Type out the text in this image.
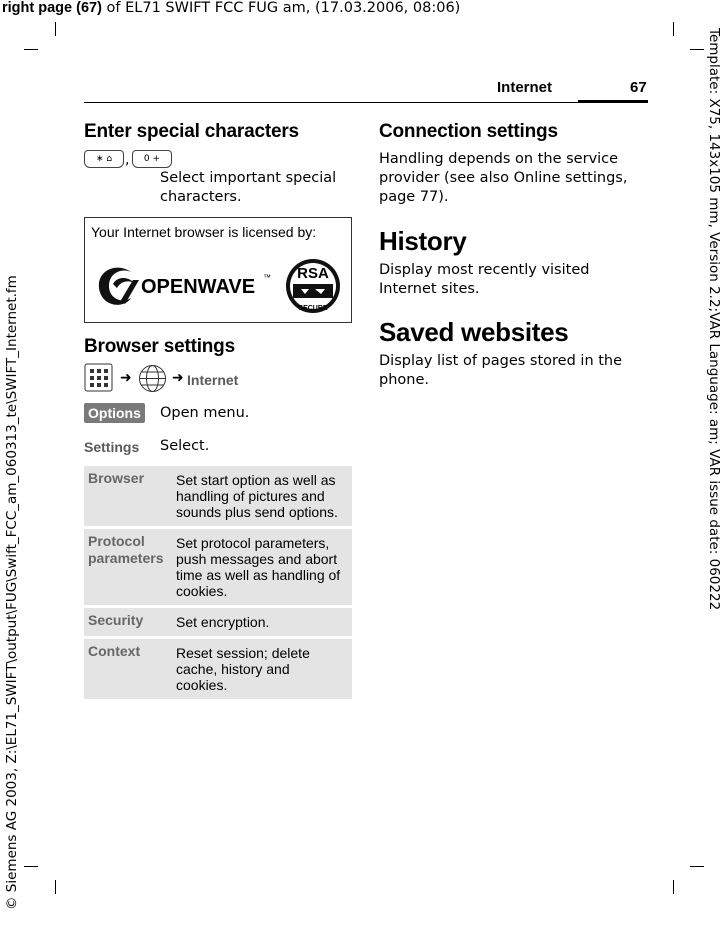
right page (67) of EL71 SWIFT FCC FUG am, (17.03.2006, 08:06)
© Siemens AG 2003, Z:\EL71_SWIFT\output\FUG\Swift_FCC_am_060313_te\SWIFT_Internet.fm	Template: X75, 143x105 mm, Version 2.2;VAR Language: am; VAR issue date: 060222
Internet	67
Enter special characters
∗ ⌂ ,	0 +
Select important special characters.
Your Internet browser is licensed by:
OPENWAVE ™ RSA
SECURE
Browser settings
➜	➜ Internet
Options Open menu.
Settings Select.
Browser	Set start option as well as handling of pictures and sounds plus send options.
Protocol parameters	Set protocol parameters, push messages and abort time as well as handling of cookies.
Security	Set encryption.
Context	Reset session; delete cache, history and cookies.
Connection settings
Handling depends on the service provider (see also Online settings, page 77).
History
Display most recently visited Internet sites.
Saved websites
Display list of pages stored in the phone.
